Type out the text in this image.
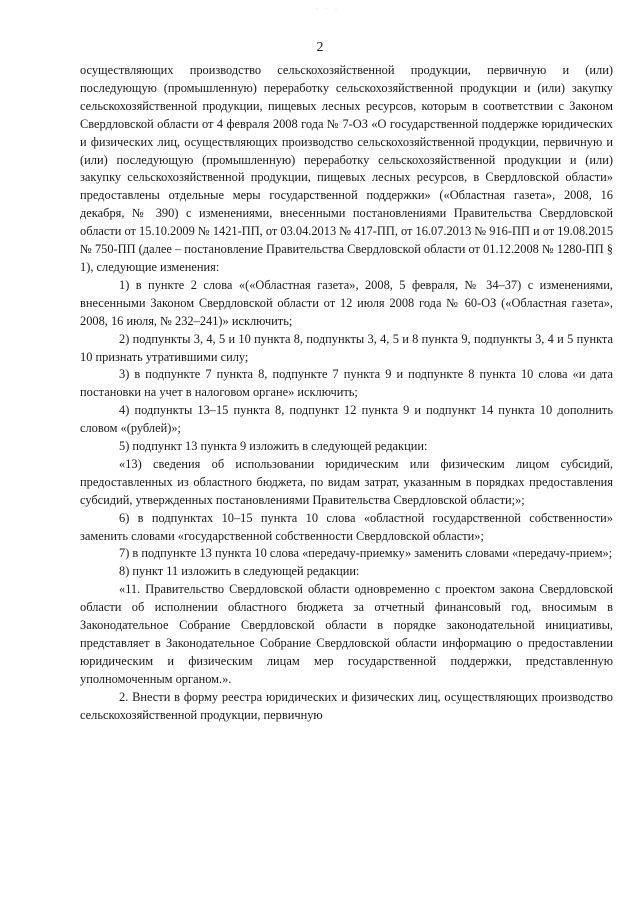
· · ·
2

осуществляющих производство сельскохозяйственной продукции, первичную и (или) последующую (промышленную) переработку сельскохозяйственной продукции и (или) закупку сельскохозяйственной продукции, пищевых лесных ресурсов, которым в соответствии с Законом Свердловской области от 4 февраля 2008 года № 7-ОЗ «О государственной поддержке юридических и физических лиц, осуществляющих производство сельскохозяйственной продукции, первичную и (или) последующую (промышленную) переработку сельскохозяйственной продукции и (или) закупку сельскохозяйственной продукции, пищевых лесных ресурсов, в Свердловской области» предоставлены отдельные меры государственной поддержки» («Областная газета», 2008, 16 декабря, № 390) с изменениями, внесенными постановлениями Правительства Свердловской области от 15.10.2009 № 1421-ПП, от 03.04.2013 № 417-ПП, от 16.07.2013 № 916-ПП и от 19.08.2015 № 750-ПП (далее – постановление Правительства Свердловской области от 01.12.2008 № 1280-ПП § 1), следующие изменения:

1) в пункте 2 слова «(«Областная газета», 2008, 5 февраля, № 34–37) с изменениями, внесенными Законом Свердловской области от 12 июля 2008 года № 60-ОЗ («Областная газета», 2008, 16 июля, № 232–241)» исключить;

2) подпункты 3, 4, 5 и 10 пункта 8, подпункты 3, 4, 5 и 8 пункта 9, подпункты 3, 4 и 5 пункта 10 признать утратившими силу;

3) в подпункте 7 пункта 8, подпункте 7 пункта 9 и подпункте 8 пункта 10 слова «и дата постановки на учет в налоговом органе» исключить;

4) подпункты 13–15 пункта 8, подпункт 12 пункта 9 и подпункт 14 пункта 10 дополнить словом «(рублей)»;

5) подпункт 13 пункта 9 изложить в следующей редакции:

«13) сведения об использовании юридическим или физическим лицом субсидий, предоставленных из областного бюджета, по видам затрат, указанным в порядках предоставления субсидий, утвержденных постановлениями Правительства Свердловской области;»;

6) в подпунктах 10–15 пункта 10 слова «областной государственной собственности» заменить словами «государственной собственности Свердловской области»;

7) в подпункте 13 пункта 10 слова «передачу-приемку» заменить словами «передачу-прием»;

8) пункт 11 изложить в следующей редакции:

«11. Правительство Свердловской области одновременно с проектом закона Свердловской области об исполнении областного бюджета за отчетный финансовый год, вносимым в Законодательное Собрание Свердловской области в порядке законодательной инициативы, представляет в Законодательное Собрание Свердловской области информацию о предоставлении юридическим и физическим лицам мер государственной поддержки, представленную уполномоченным органом.».

2. Внести в форму реестра юридических и физических лиц, осуществляющих производство сельскохозяйственной продукции, первичную
